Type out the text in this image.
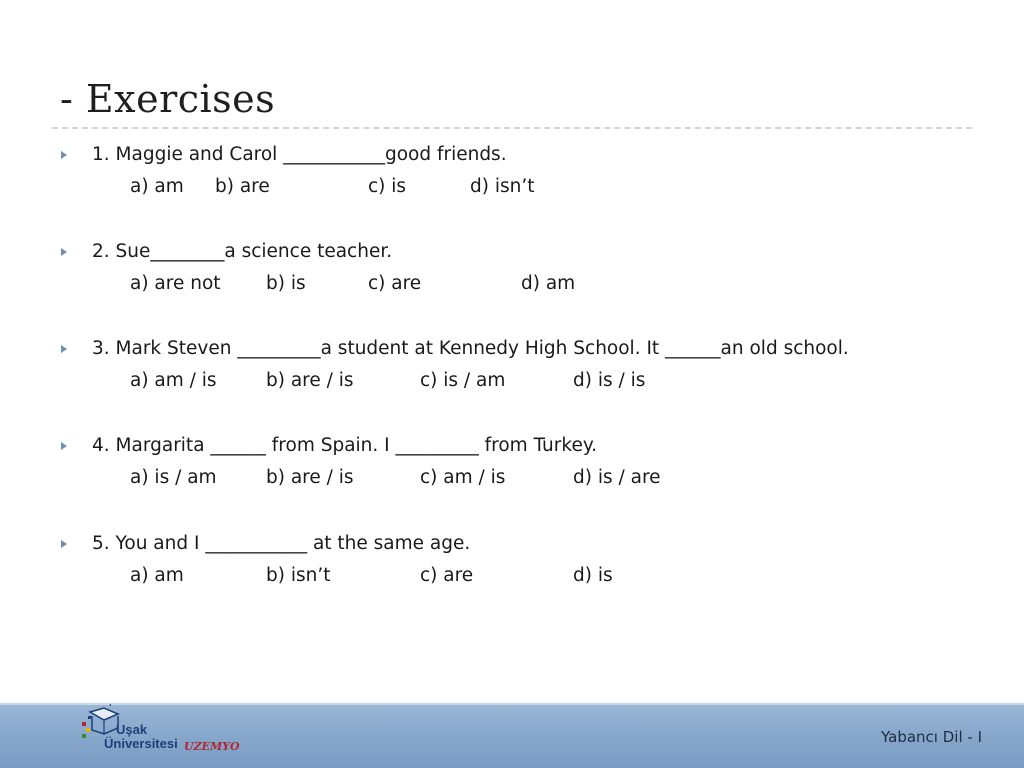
- Exercises
1. Maggie and Carol ___________good friends.
a) am b) are	c) is	d) isn’t
2. Sue________a science teacher.
a) are not b) is	c) are	d) am
3. Mark Steven _________a student at Kennedy High School. It ______an old school.
a) am / is	b) are / is	c) is / am	d) is / is
4. Margarita ______ from Spain. I _________ from Turkey.
a) is / am	b) are / is	c) am / is	d) is / are
5. You and I ___________ at the same age.
a) am	b) isn’t	c) are	d) is
Uşak
Üniversitesi UZEMYO
Yabancı Dil - I
